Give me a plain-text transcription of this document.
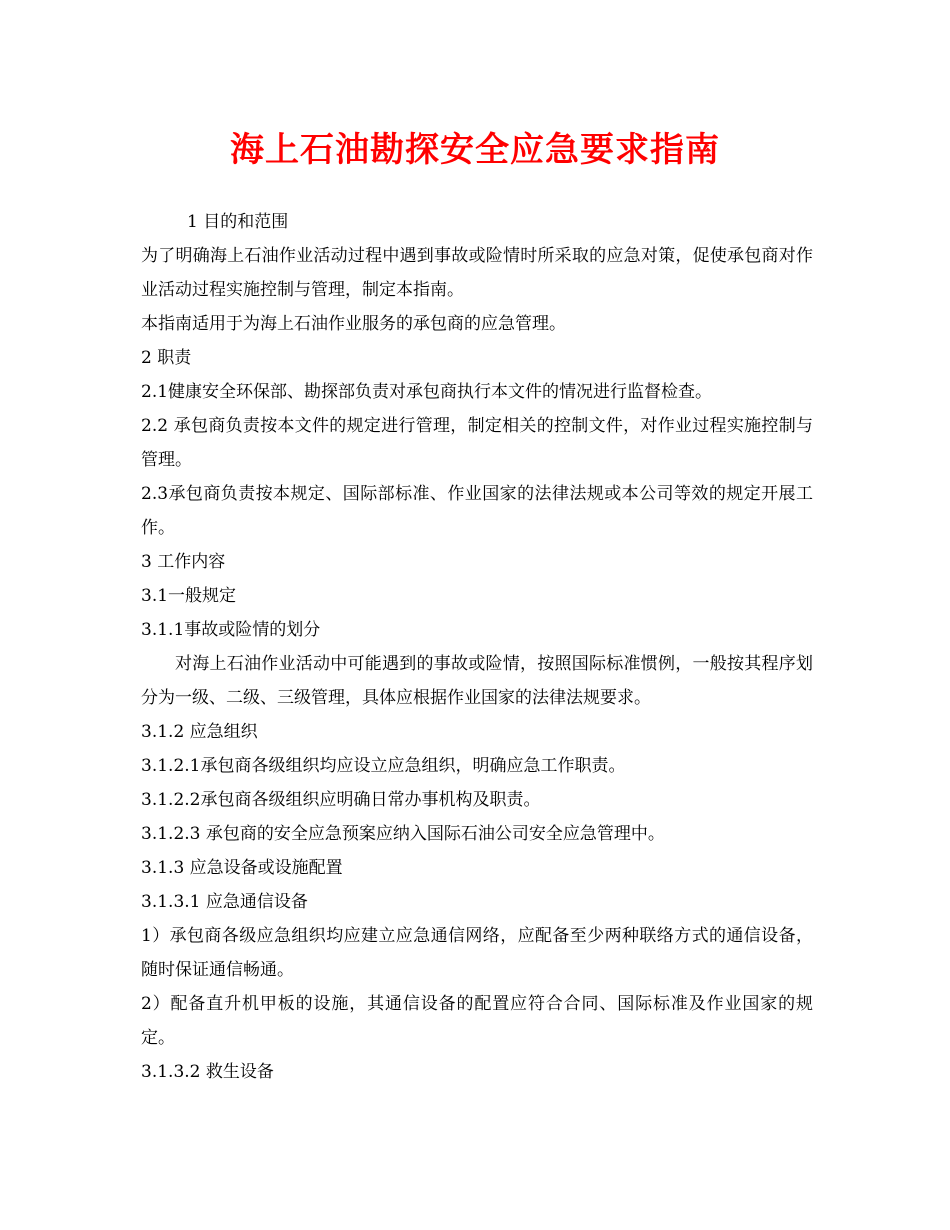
海上石油勘探安全应急要求指南
1 目的和范围
为了明确海上石油作业活动过程中遇到事故或险情时所采取的应急对策，促使承包商对作业活动过程实施控制与管理，制定本指南。
本指南适用于为海上石油作业服务的承包商的应急管理。
2 职责
2.1健康安全环保部、勘探部负责对承包商执行本文件的情况进行监督检查。
2.2 承包商负责按本文件的规定进行管理，制定相关的控制文件，对作业过程实施控制与管理。
2.3承包商负责按本规定、国际部标准、作业国家的法律法规或本公司等效的规定开展工作。
3 工作内容
3.1一般规定
3.1.1事故或险情的划分
对海上石油作业活动中可能遇到的事故或险情，按照国际标准惯例，一般按其程序划分为一级、二级、三级管理，具体应根据作业国家的法律法规要求。
3.1.2 应急组织
3.1.2.1承包商各级组织均应设立应急组织，明确应急工作职责。
3.1.2.2承包商各级组织应明确日常办事机构及职责。
3.1.2.3 承包商的安全应急预案应纳入国际石油公司安全应急管理中。
3.1.3 应急设备或设施配置
3.1.3.1 应急通信设备
1）承包商各级应急组织均应建立应急通信网络，应配备至少两种联络方式的通信设备，随时保证通信畅通。
2）配备直升机甲板的设施，其通信设备的配置应符合合同、国际标准及作业国家的规定。
3.1.3.2 救生设备
